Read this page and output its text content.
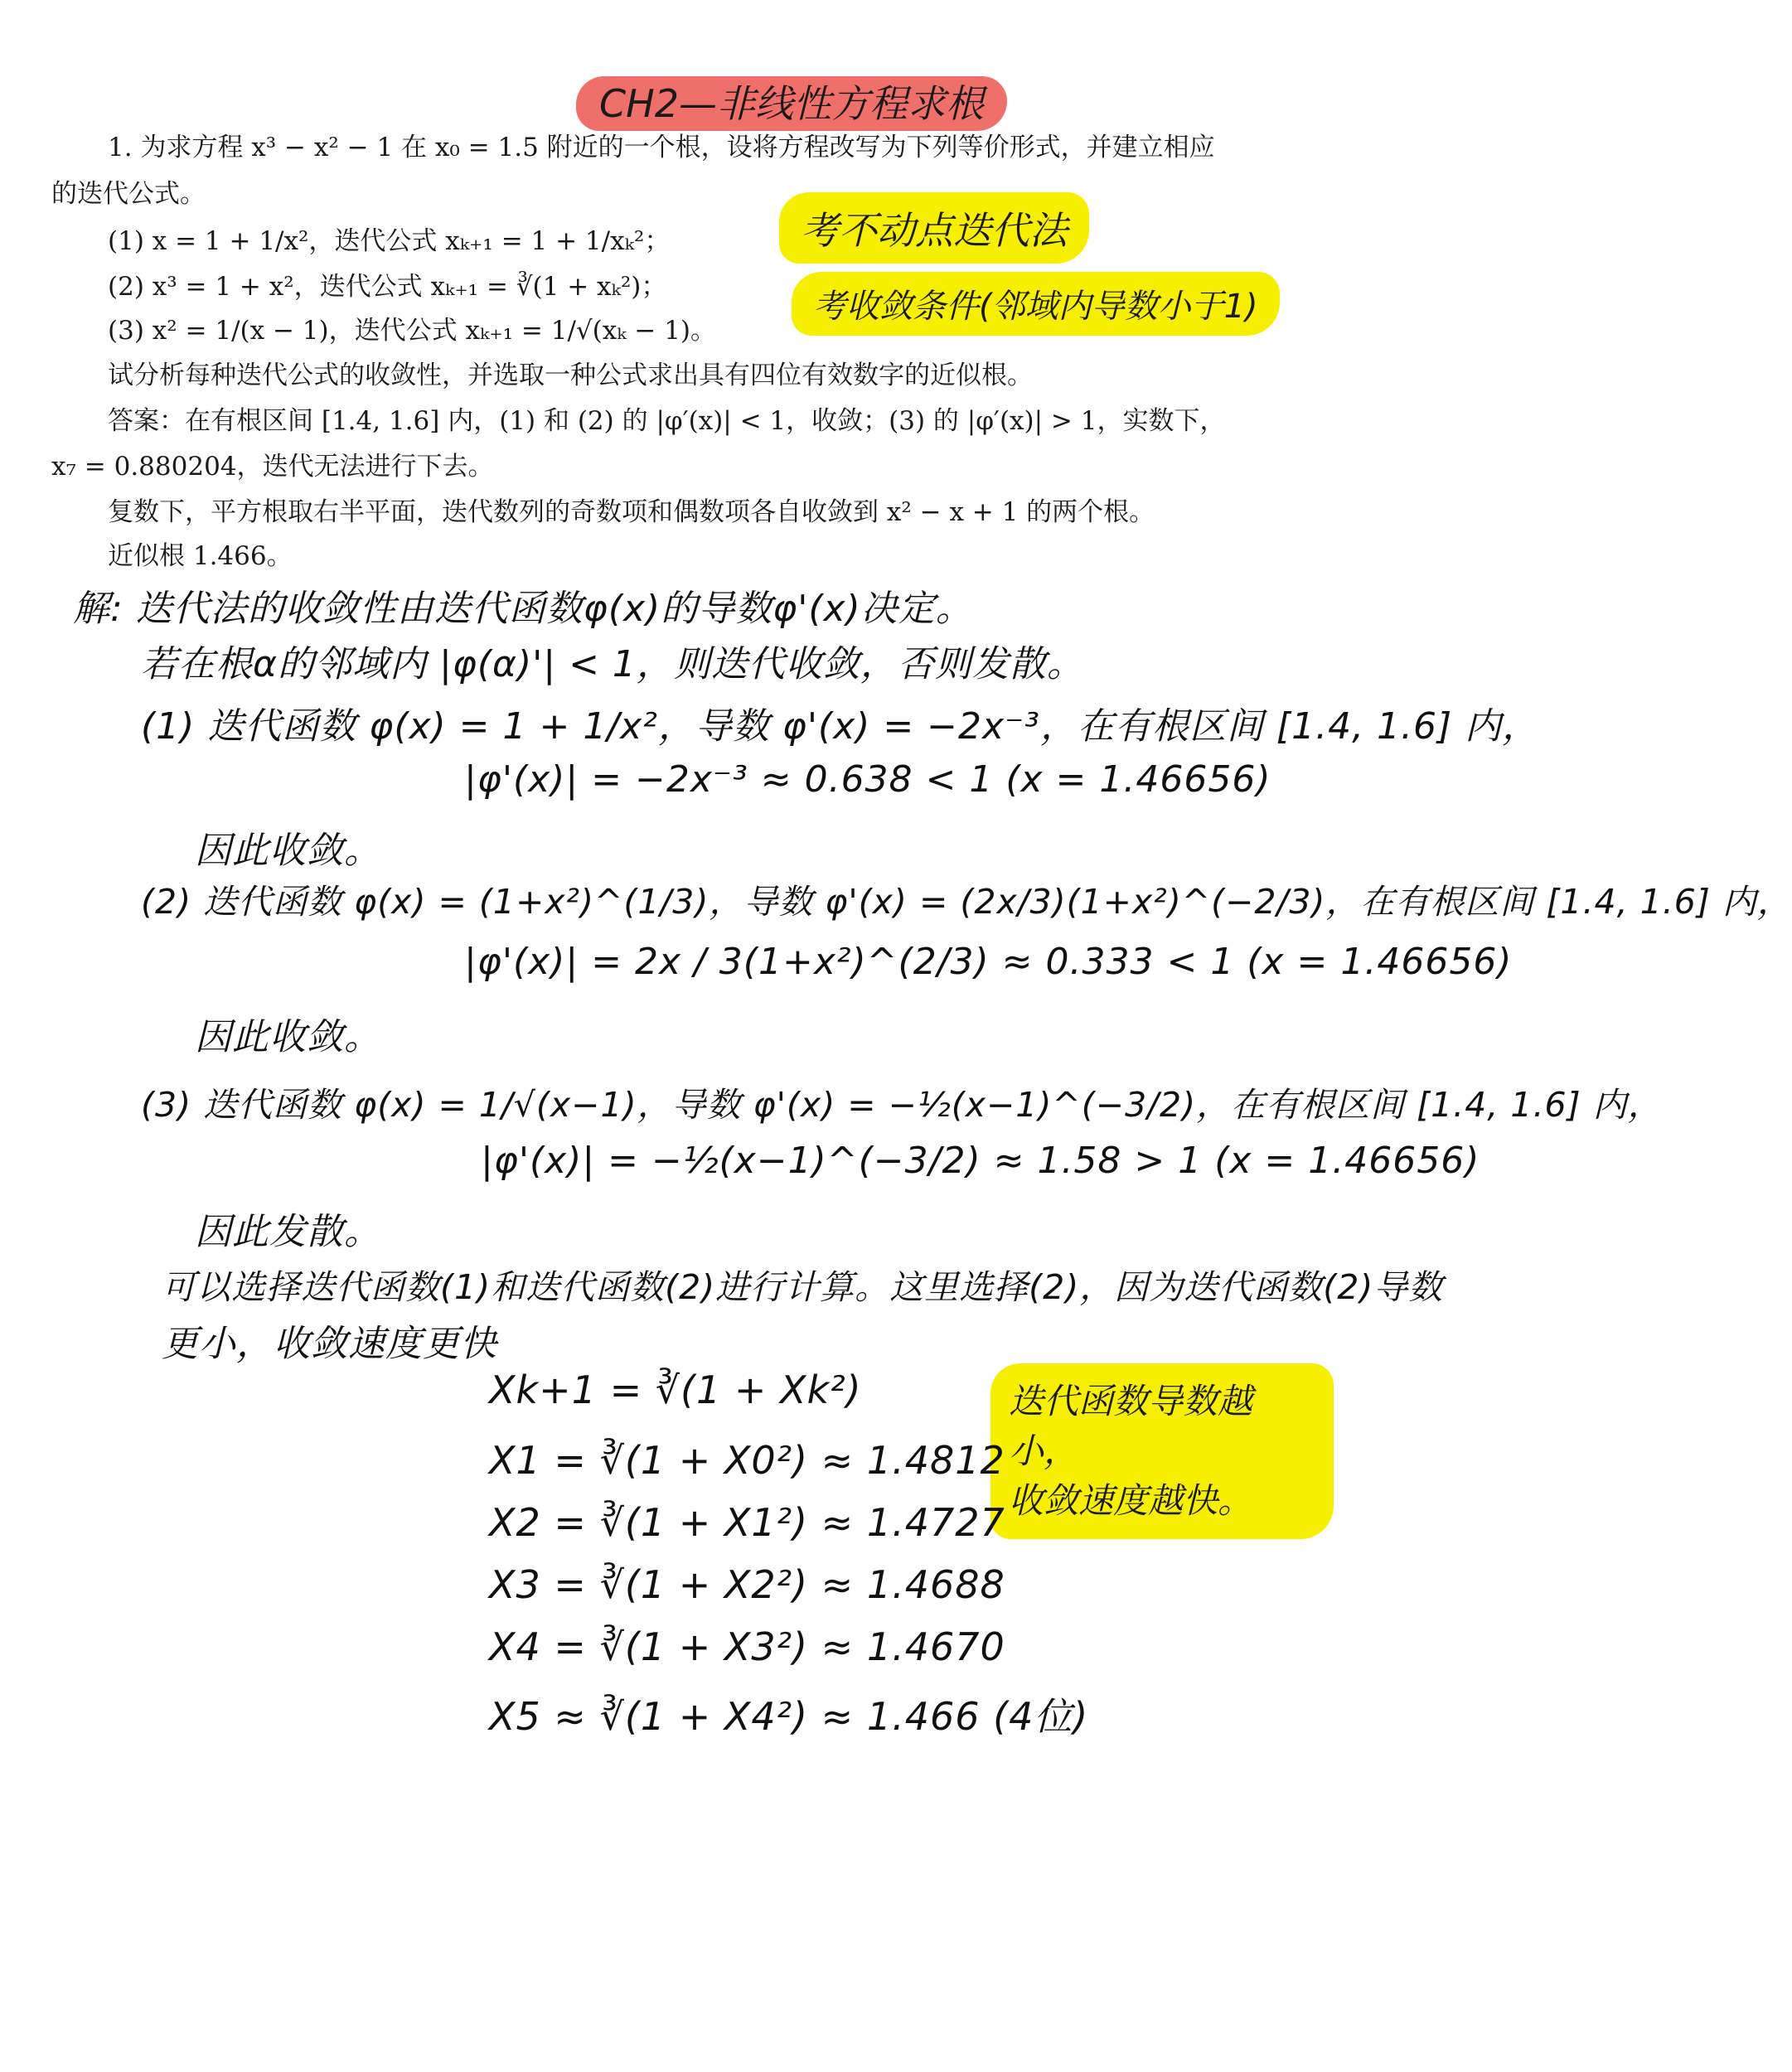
CH2—非线性方程求根
1. 为求方程 x³ − x² − 1 在 x₀ = 1.5 附近的一个根，设将方程改写为下列等价形式，并建立相应
的迭代公式。
(1) x = 1 + 1/x²，迭代公式 xₖ₊₁ = 1 + 1/xₖ²；
(2) x³ = 1 + x²，迭代公式 xₖ₊₁ = ∛(1 + xₖ²)；
(3) x² = 1/(x − 1)，迭代公式 xₖ₊₁ = 1/√(xₖ − 1)。
试分析每种迭代公式的收敛性，并选取一种公式求出具有四位有效数字的近似根。
答案：在有根区间 [1.4, 1.6] 内，(1) 和 (2) 的 |φ′(x)| < 1，收敛；(3) 的 |φ′(x)| > 1，实数下，
x₇ = 0.880204，迭代无法进行下去。
复数下，平方根取右半平面，迭代数列的奇数项和偶数项各自收敛到 x² − x + 1 的两个根。
近似根 1.466。
考不动点迭代法
考收敛条件(邻域内导数小于1)
迭代函数导数越小，
收敛速度越快。
解: 迭代法的收敛性由迭代函数φ(x)的导数φ'(x)决定。
若在根α的邻域内 |φ(α)'| < 1，则迭代收敛，否则发散。
(1) 迭代函数 φ(x) = 1 + 1/x²，导数 φ'(x) = −2x⁻³，在有根区间 [1.4, 1.6] 内，
|φ'(x)| = −2x⁻³ ≈ 0.638 < 1 (x = 1.46656)
因此收敛。
(2) 迭代函数 φ(x) = (1+x²)^(1/3)，导数 φ'(x) = (2x/3)(1+x²)^(−2/3)，在有根区间 [1.4, 1.6] 内，
|φ'(x)| = 2x / 3(1+x²)^(2/3) ≈ 0.333 < 1 (x = 1.46656)
因此收敛。
(3) 迭代函数 φ(x) = 1/√(x−1)，导数 φ'(x) = −½(x−1)^(−3/2)，在有根区间 [1.4, 1.6] 内，
|φ'(x)| = −½(x−1)^(−3/2) ≈ 1.58 > 1 (x = 1.46656)
因此发散。
可以选择迭代函数(1)和迭代函数(2)进行计算。这里选择(2)，因为迭代函数(2)导数
更小，收敛速度更快
Xk+1 = ∛(1 + Xk²)
X1 = ∛(1 + X0²) ≈ 1.4812
X2 = ∛(1 + X1²) ≈ 1.4727
X3 = ∛(1 + X2²) ≈ 1.4688
X4 = ∛(1 + X3²) ≈ 1.4670
X5 ≈ ∛(1 + X4²) ≈ 1.466 (4位)
